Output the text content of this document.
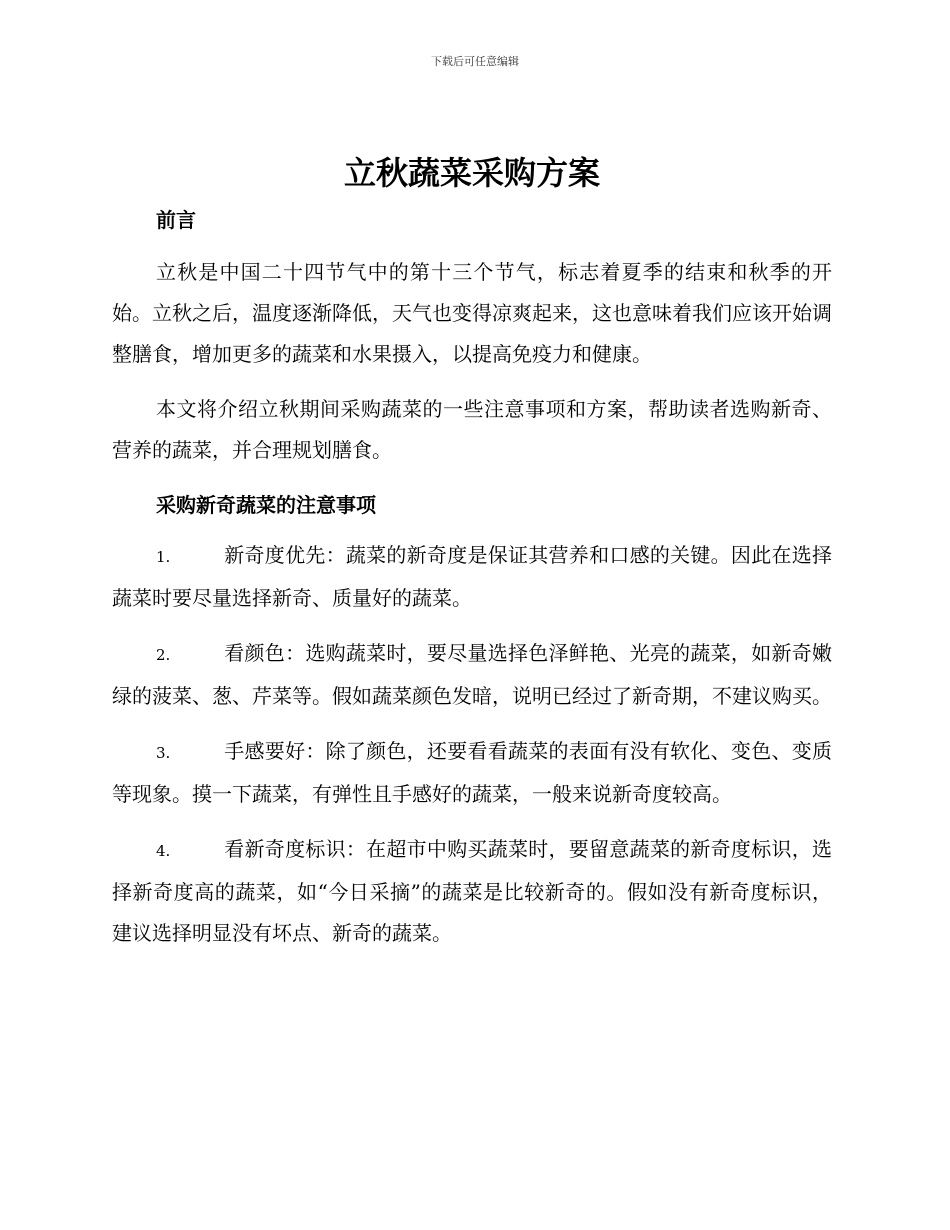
下载后可任意编辑
立秋蔬菜采购方案
前言

立秋是中国二十四节气中的第十三个节气，标志着夏季的结束和秋季的开始。立秋之后，温度逐渐降低，天气也变得凉爽起来，这也意味着我们应该开始调整膳食，增加更多的蔬菜和水果摄入，以提高免疫力和健康。

本文将介绍立秋期间采购蔬菜的一些注意事项和方案，帮助读者选购新奇、营养的蔬菜，并合理规划膳食。

采购新奇蔬菜的注意事项

1.	新奇度优先：蔬菜的新奇度是保证其营养和口感的关键。因此在选择蔬菜时要尽量选择新奇、质量好的蔬菜。

2.	看颜色：选购蔬菜时，要尽量选择色泽鲜艳、光亮的蔬菜，如新奇嫩绿的菠菜、葱、芹菜等。假如蔬菜颜色发暗，说明已经过了新奇期，不建议购买。

3.	手感要好：除了颜色，还要看看蔬菜的表面有没有软化、变色、变质等现象。摸一下蔬菜，有弹性且手感好的蔬菜，一般来说新奇度较高。

4.	看新奇度标识：在超市中购买蔬菜时，要留意蔬菜的新奇度标识，选择新奇度高的蔬菜，如“今日采摘”的蔬菜是比较新奇的。假如没有新奇度标识，建议选择明显没有坏点、新奇的蔬菜。
